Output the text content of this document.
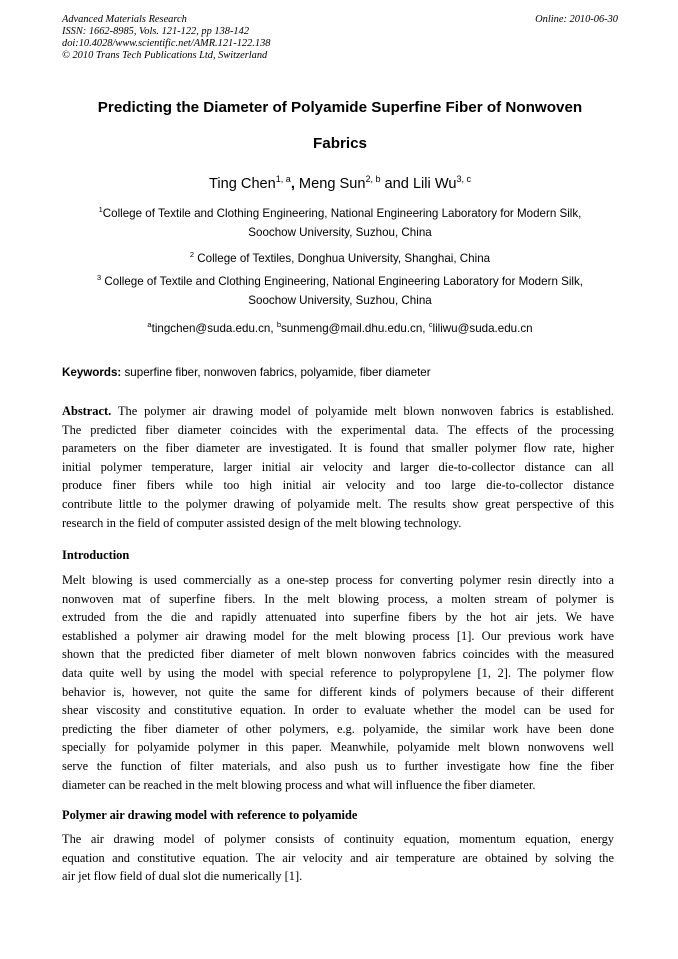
Advanced Materials Research
ISSN: 1662-8985, Vols. 121-122, pp 138-142
doi:10.4028/www.scientific.net/AMR.121-122.138
© 2010 Trans Tech Publications Ltd, Switzerland
Online: 2010-06-30
Predicting the Diameter of Polyamide Superfine Fiber of Nonwoven
Fabrics
Ting Chen$^{1, a}$, Meng Sun$^{2, b}$ and Lili Wu$^{3, c}$
$^1$College of Textile and Clothing Engineering, National Engineering Laboratory for Modern Silk,
Soochow University, Suzhou, China
$^2$ College of Textiles, Donghua University, Shanghai, China
$^3$ College of Textile and Clothing Engineering, National Engineering Laboratory for Modern Silk,
Soochow University, Suzhou, China
$^a$tingchen@suda.edu.cn, $^b$sunmeng@mail.dhu.edu.cn, $^c$liliwu@suda.edu.cn
Keywords: superfine fiber, nonwoven fabrics, polyamide, fiber diameter
Abstract. The polymer air drawing model of polyamide melt blown nonwoven fabrics is established.
The predicted fiber diameter coincides with the experimental data. The effects of the processing
parameters on the fiber diameter are investigated. It is found that smaller polymer flow rate, higher
initial polymer temperature, larger initial air velocity and larger die-to-collector distance can all
produce finer fibers while too high initial air velocity and too large die-to-collector distance
contribute little to the polymer drawing of polyamide melt. The results show great perspective of this
research in the field of computer assisted design of the melt blowing technology.
Introduction
Melt blowing is used commercially as a one-step process for converting polymer resin directly into a
nonwoven mat of superfine fibers. In the melt blowing process, a molten stream of polymer is
extruded from the die and rapidly attenuated into superfine fibers by the hot air jets. We have
established a polymer air drawing model for the melt blowing process [1]. Our previous work have
shown that the predicted fiber diameter of melt blown nonwoven fabrics coincides with the measured
data quite well by using the model with special reference to polypropylene [1, 2]. The polymer flow
behavior is, however, not quite the same for different kinds of polymers because of their different
shear viscosity and constitutive equation. In order to evaluate whether the model can be used for
predicting the fiber diameter of other polymers, e.g. polyamide, the similar work have been done
specially for polyamide polymer in this paper. Meanwhile, polyamide melt blown nonwovens well
serve the function of filter materials, and also push us to further investigate how fine the fiber
diameter can be reached in the melt blowing process and what will influence the fiber diameter.
Polymer air drawing model with reference to polyamide
The air drawing model of polymer consists of continuity equation, momentum equation, energy
equation and constitutive equation. The air velocity and air temperature are obtained by solving the
air jet flow field of dual slot die numerically [1].
